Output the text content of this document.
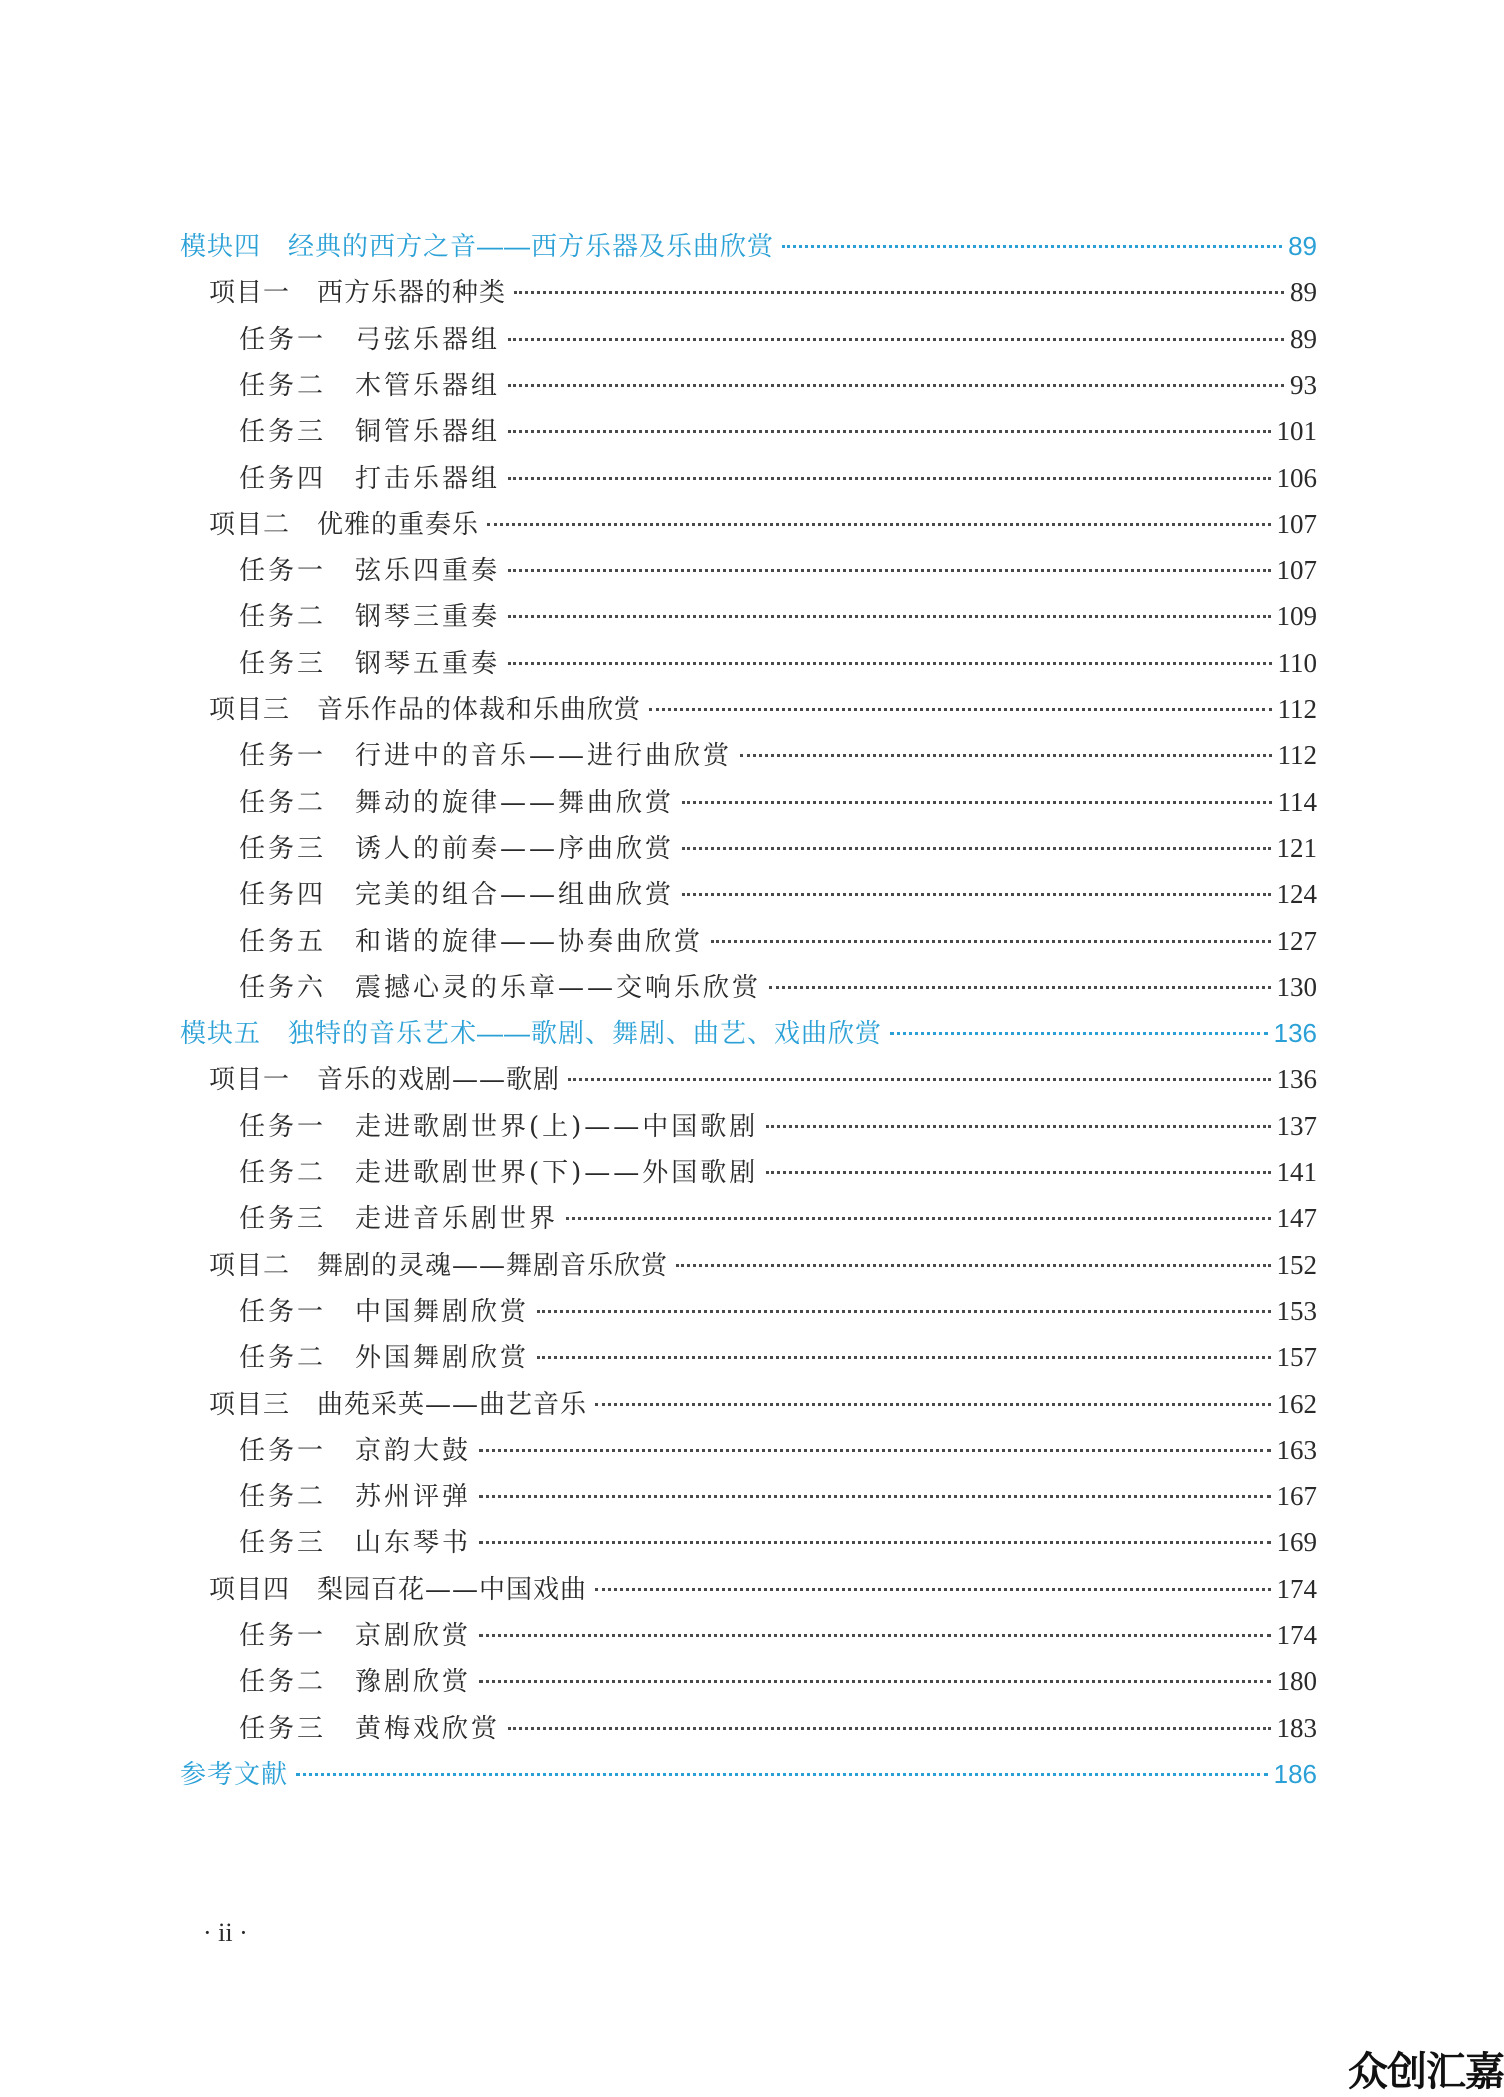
模块四　经典的西方之音——西方乐器及乐曲欣赏	89
项目一　西方乐器的种类	89
任务一　弓弦乐器组	89
任务二　木管乐器组	93
任务三　铜管乐器组	101
任务四　打击乐器组	106
项目二　优雅的重奏乐	107
任务一　弦乐四重奏	107
任务二　钢琴三重奏	109
任务三　钢琴五重奏	110
项目三　音乐作品的体裁和乐曲欣赏	112
任务一　行进中的音乐——进行曲欣赏	112
任务二　舞动的旋律——舞曲欣赏	114
任务三　诱人的前奏——序曲欣赏	121
任务四　完美的组合——组曲欣赏	124
任务五　和谐的旋律——协奏曲欣赏	127
任务六　震撼心灵的乐章——交响乐欣赏	130
模块五　独特的音乐艺术——歌剧、舞剧、曲艺、戏曲欣赏	136
项目一　音乐的戏剧——歌剧	136
任务一　走进歌剧世界(上)——中国歌剧	137
任务二　走进歌剧世界(下)——外国歌剧	141
任务三　走进音乐剧世界	147
项目二　舞剧的灵魂——舞剧音乐欣赏	152
任务一　中国舞剧欣赏	153
任务二　外国舞剧欣赏	157
项目三　曲苑采英——曲艺音乐	162
任务一　京韵大鼓	163
任务二　苏州评弹	167
任务三　山东琴书	169
项目四　梨园百花——中国戏曲	174
任务一　京剧欣赏	174
任务二　豫剧欣赏	180
任务三　黄梅戏欣赏	183
参考文献	186
· ii ·
众创汇嘉
